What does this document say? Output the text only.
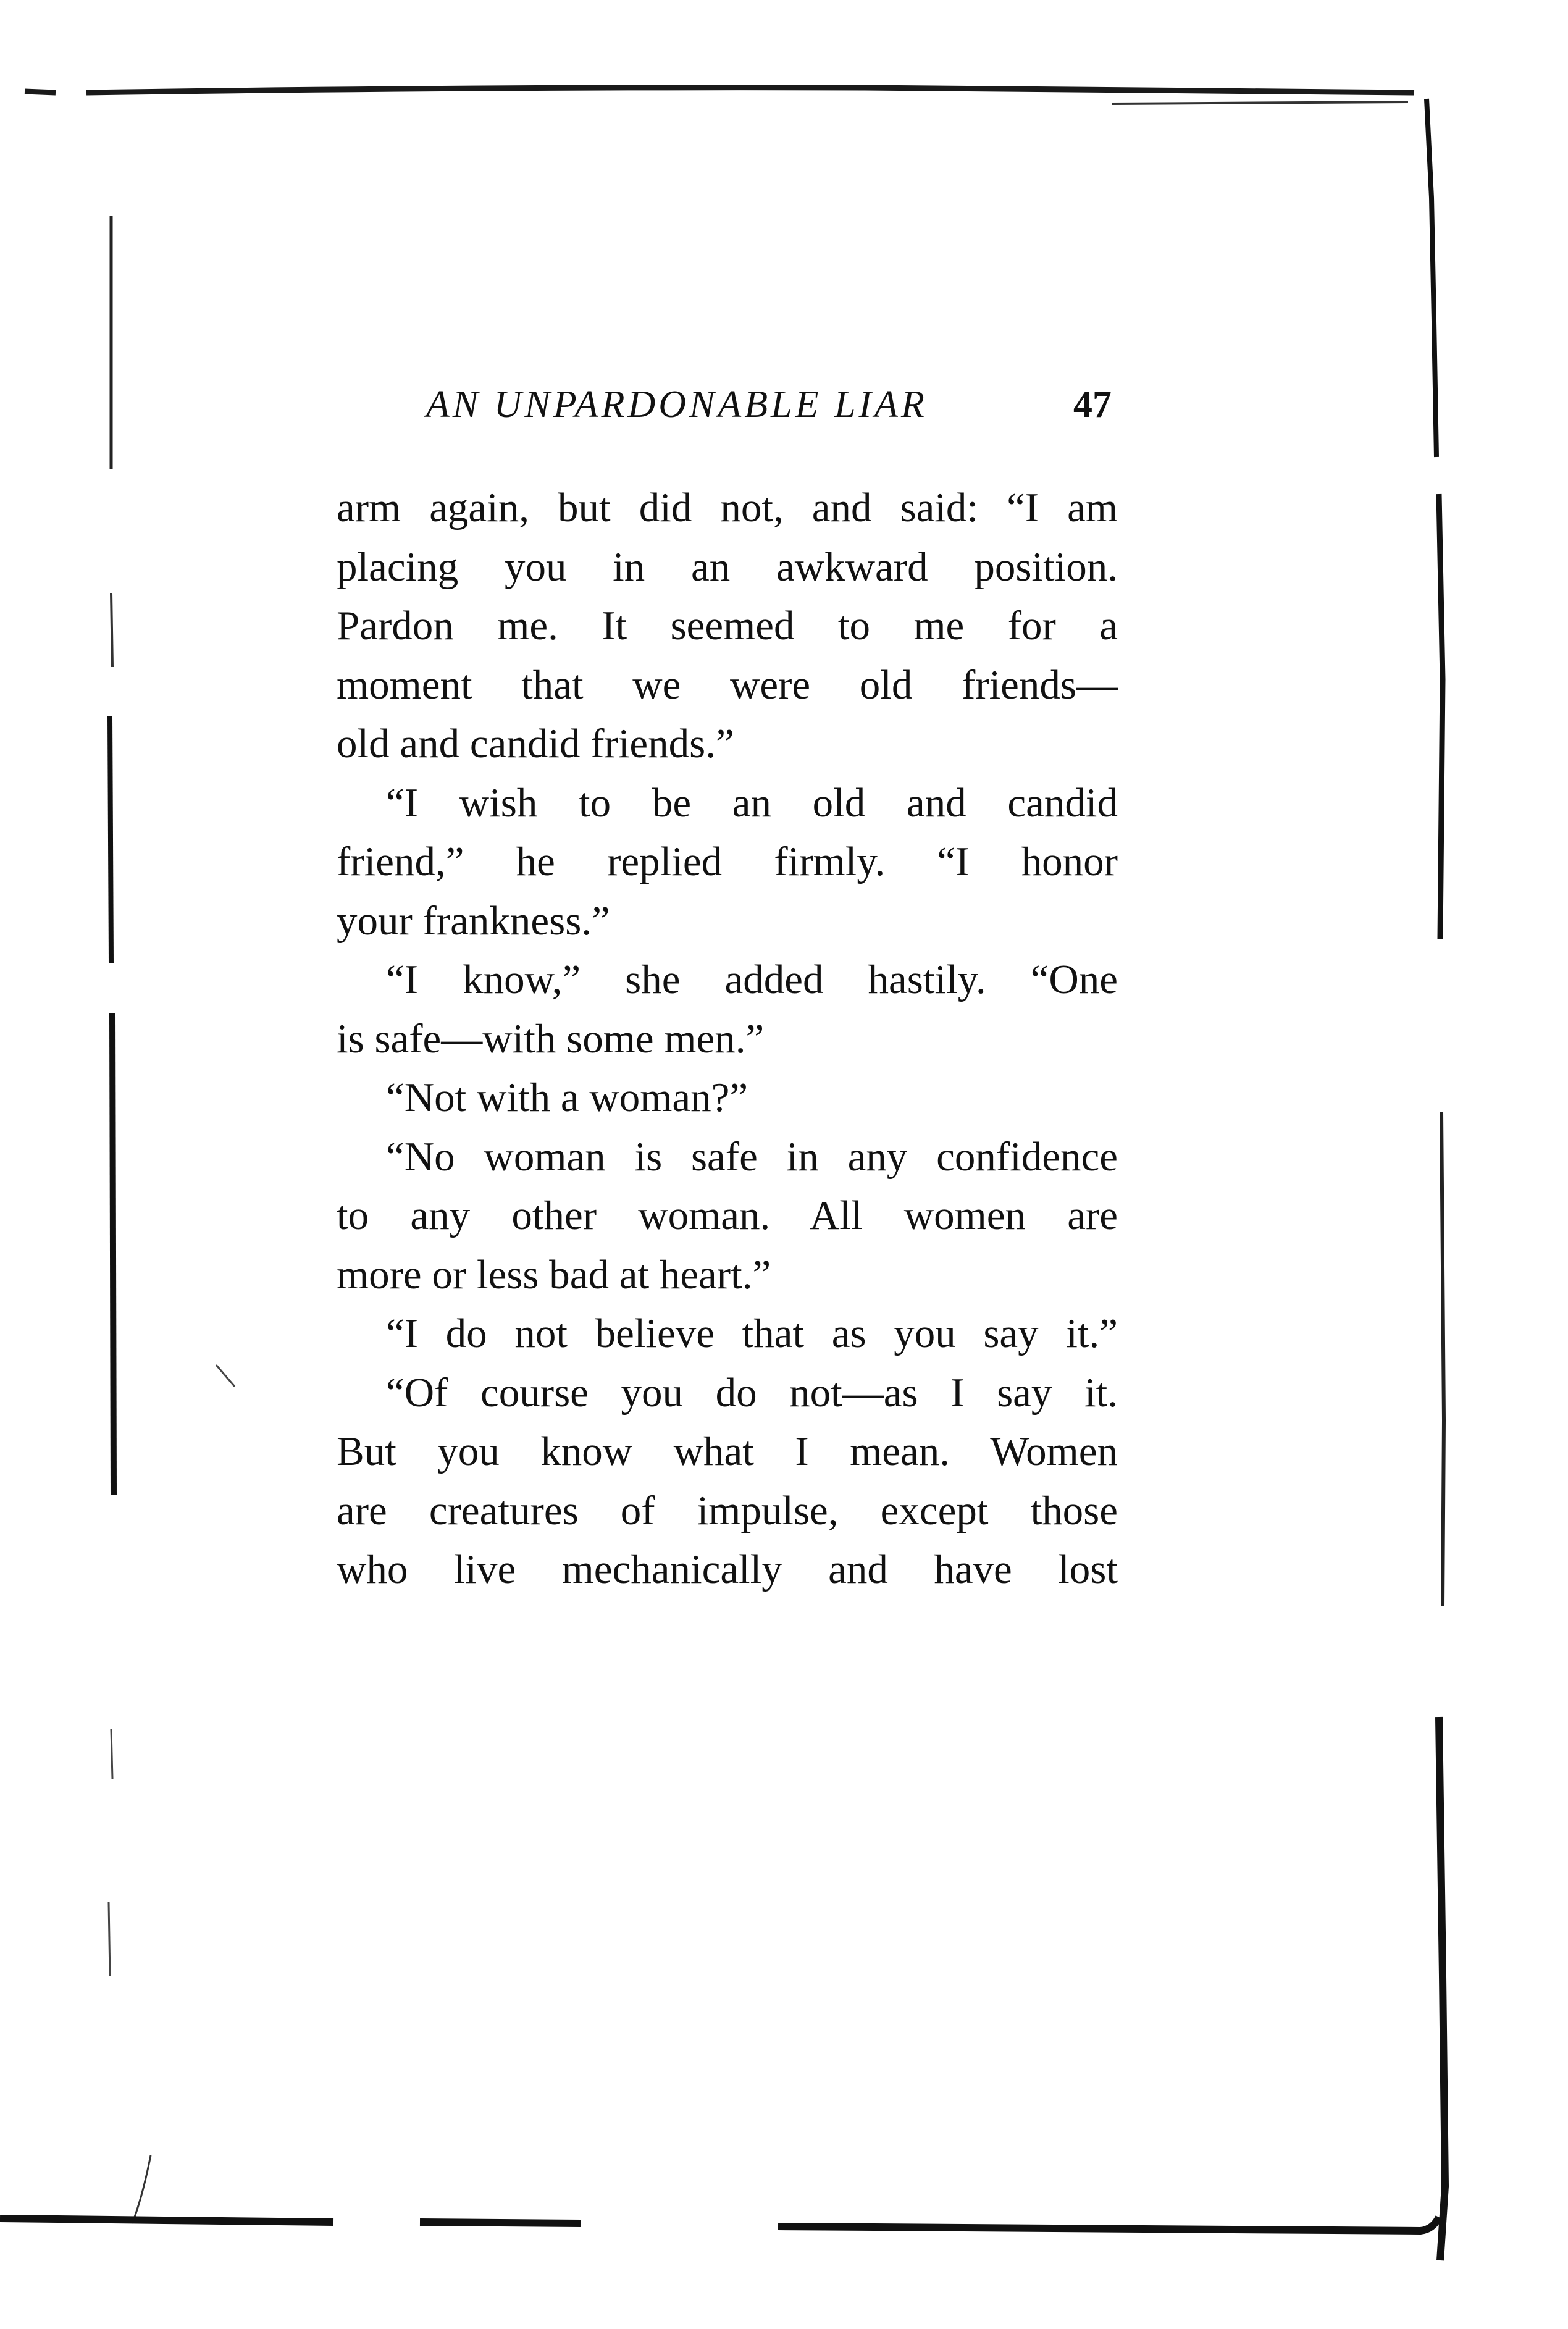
AN UNPARDONABLE LIAR	47
arm again, but did not, and said: “I am
placing you in an awkward position.
Pardon me. It seemed to me for a
moment that we were old friends—
old and candid friends.”
“I wish to be an old and candid
friend,” he replied firmly. “I honor
your frankness.”
“I know,” she added hastily. “One
is safe—with some men.”
“Not with a woman?”
“No woman is safe in any confidence
to any other woman. All women are
more or less bad at heart.”
“I do not believe that as you say it.”
“Of course you do not—as I say it.
But you know what I mean. Women
are creatures of impulse, except those
who live mechanically and have lost
